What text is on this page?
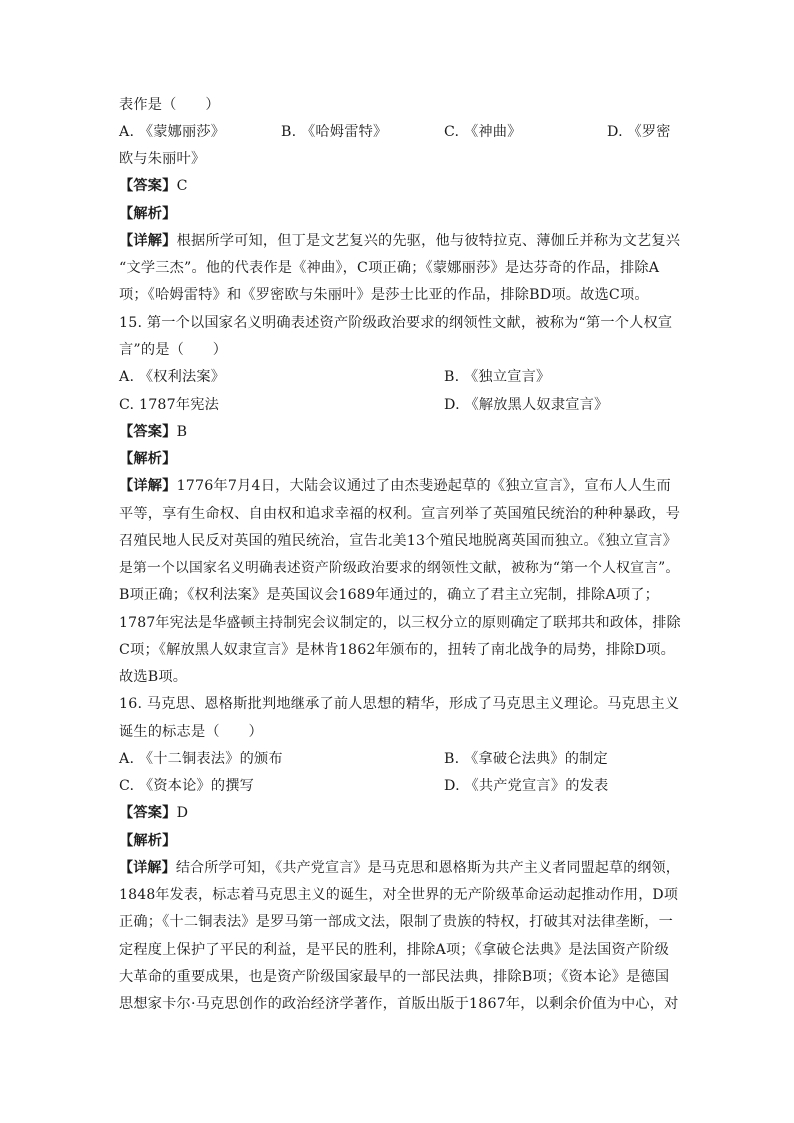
表作是（　　）
A. 《蒙娜丽莎》	B. 《哈姆雷特》	C. 《神曲》	D. 《罗密
欧与朱丽叶》
【答案】C
【解析】
【详解】根据所学可知，但丁是文艺复兴的先驱，他与彼特拉克、薄伽丘并称为文艺复兴
“文学三杰”。他的代表作是《神曲》，C项正确；《蒙娜丽莎》是达芬奇的作品，排除A
项；《哈姆雷特》和《罗密欧与朱丽叶》是莎士比亚的作品，排除BD项。故选C项。
15. 第一个以国家名义明确表述资产阶级政治要求的纲领性文献，被称为“第一个人权宣
言”的是（　　）
A. 《权利法案》	B. 《独立宣言》
C. 1787年宪法	D. 《解放黑人奴隶宣言》
【答案】B
【解析】
【详解】1776年7月4日，大陆会议通过了由杰斐逊起草的《独立宣言》，宣布人人生而
平等，享有生命权、自由权和追求幸福的权利。宣言列举了英国殖民统治的种种暴政，号
召殖民地人民反对英国的殖民统治，宣告北美13个殖民地脱离英国而独立。《独立宣言》
是第一个以国家名义明确表述资产阶级政治要求的纲领性文献，被称为“第一个人权宣言”。
B项正确；《权利法案》是英国议会1689年通过的，确立了君主立宪制，排除A项了；
1787年宪法是华盛顿主持制宪会议制定的，以三权分立的原则确定了联邦共和政体，排除
C项；《解放黑人奴隶宣言》是林肯1862年颁布的，扭转了南北战争的局势，排除D项。
故选B项。
16. 马克思、恩格斯批判地继承了前人思想的精华，形成了马克思主义理论。马克思主义
诞生的标志是（　　）
A. 《十二铜表法》的颁布	B. 《拿破仑法典》的制定
C. 《资本论》的撰写	D. 《共产党宣言》的发表
【答案】D
【解析】
【详解】结合所学可知，《共产党宣言》是马克思和恩格斯为共产主义者同盟起草的纲领，
1848年发表，标志着马克思主义的诞生，对全世界的无产阶级革命运动起推动作用，D项
正确；《十二铜表法》是罗马第一部成文法，限制了贵族的特权，打破其对法律垄断，一
定程度上保护了平民的利益，是平民的胜利，排除A项；《拿破仑法典》是法国资产阶级
大革命的重要成果，也是资产阶级国家最早的一部民法典，排除B项；《资本论》是德国
思想家卡尔·马克思创作的政治经济学著作，首版出版于1867年，以剩余价值为中心，对
